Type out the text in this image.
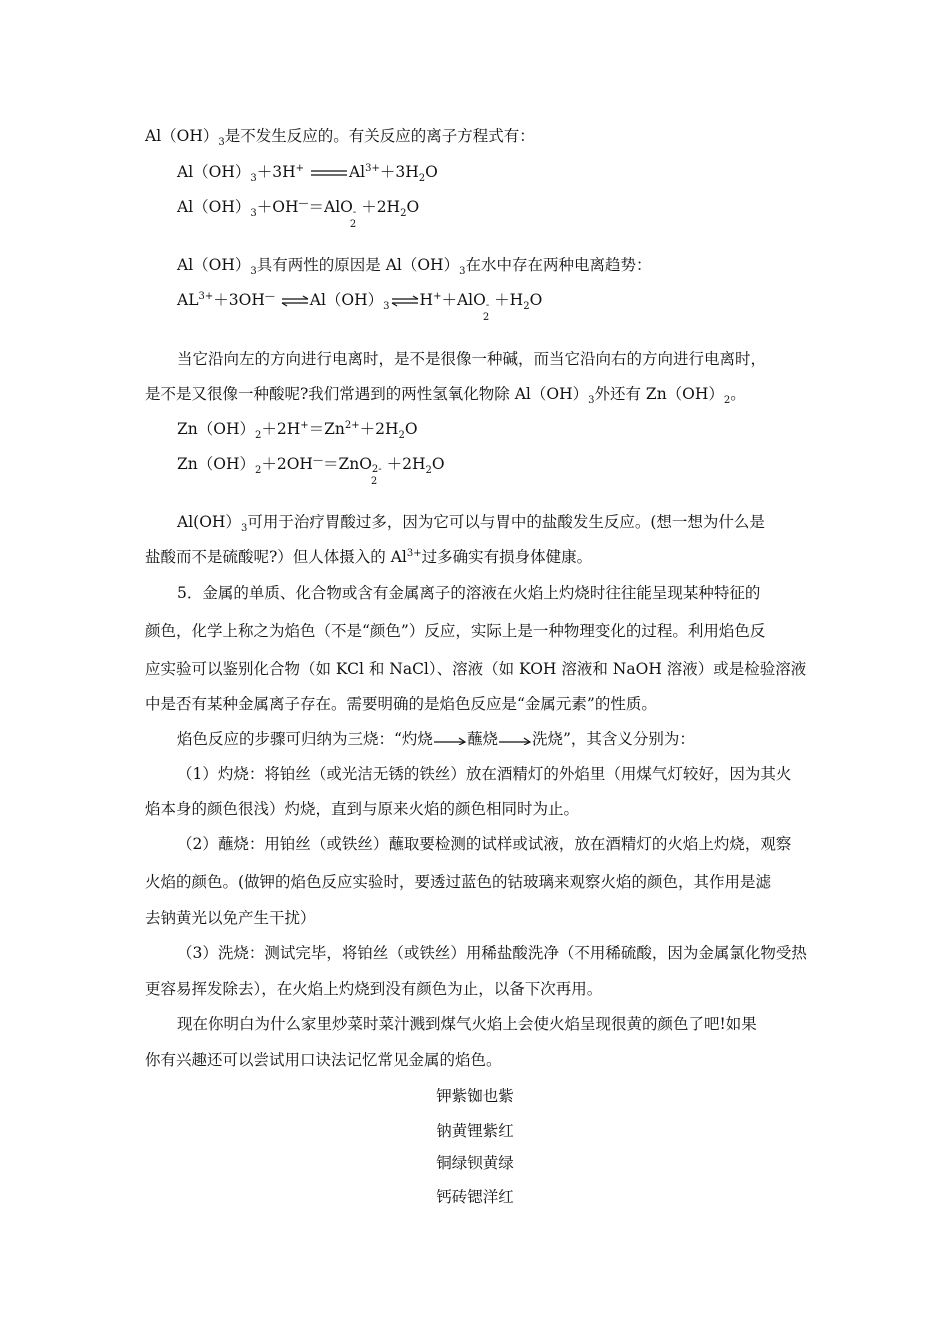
$Al(OH)_3$是不发生反应的。有关反应的离子方程式有：
$Al(OH)_3+3H^+$	$Al^{3+}+3H_2O$
$Al(OH)_3+OH^—=AlO-$
2
$+2H_2O$
$Al(OH)_3$具有两性的原因是 $Al(OH)_3$在水中存在两种电离趋势：
$AL^{3+}+3OH^—$ $\rightleftharpoons Al(OH)_3\rightleftharpoons H^++AlO-$
2
$+H_2O$
当它沿向左的方向进行电离时，是不是很像一种碱，而当它沿向右的方向进行电离时，
是不是又很像一种酸呢?我们常遇到的两性氢氧化物除 $Al(OH)_3$外还有 $Zn(OH)_2$。
$Zn(OH)_2+2H^+=Zn^{2+}+2H_2O$
$Zn(OH)_2+2OH^—=ZnO2-$
2
$+2H_2O$
$Al(OH)_3$可用于治疗胃酸过多，因为它可以与胃中的盐酸发生反应。(想一想为什么是
盐酸而不是硫酸呢?）但人体摄入的 $Al^{3+}$过多确实有损身体健康。
5．金属的单质、化合物或含有金属离子的溶液在火焰上灼烧时往往能呈现某种特征的
颜色，化学上称之为焰色（不是“颜色”）反应，实际上是一种物理变化的过程。利用焰色反
应实验可以鉴别化合物（如 KCl 和 NaCl）、溶液（如 KOH 溶液和 NaOH 溶液）或是检验溶液
中是否有某种金属离子存在。需要明确的是焰色反应是“金属元素”的性质。
焰色反应的步骤可归纳为三烧：“灼烧 蘸烧 洗烧”，其含义分别为：
（1）灼烧：将铂丝（或光洁无锈的铁丝）放在酒精灯的外焰里（用煤气灯较好，因为其火
焰本身的颜色很浅）灼烧，直到与原来火焰的颜色相同时为止。
（2）蘸烧：用铂丝（或铁丝）蘸取要检测的试样或试液，放在酒精灯的火焰上灼烧，观察
火焰的颜色。(做钾的焰色反应实验时，要透过蓝色的钴玻璃来观察火焰的颜色，其作用是滤
去钠黄光以免产生干扰）
（3）洗烧：测试完毕，将铂丝（或铁丝）用稀盐酸洗净（不用稀硫酸，因为金属氯化物受热
更容易挥发除去），在火焰上灼烧到没有颜色为止，以备下次再用。
现在你明白为什么家里炒菜时菜汁溅到煤气火焰上会使火焰呈现很黄的颜色了吧!如果
你有兴趣还可以尝试用口诀法记忆常见金属的焰色。
钾紫铷也紫
钠黄锂紫红
铜绿钡黄绿
钙砖锶洋红
